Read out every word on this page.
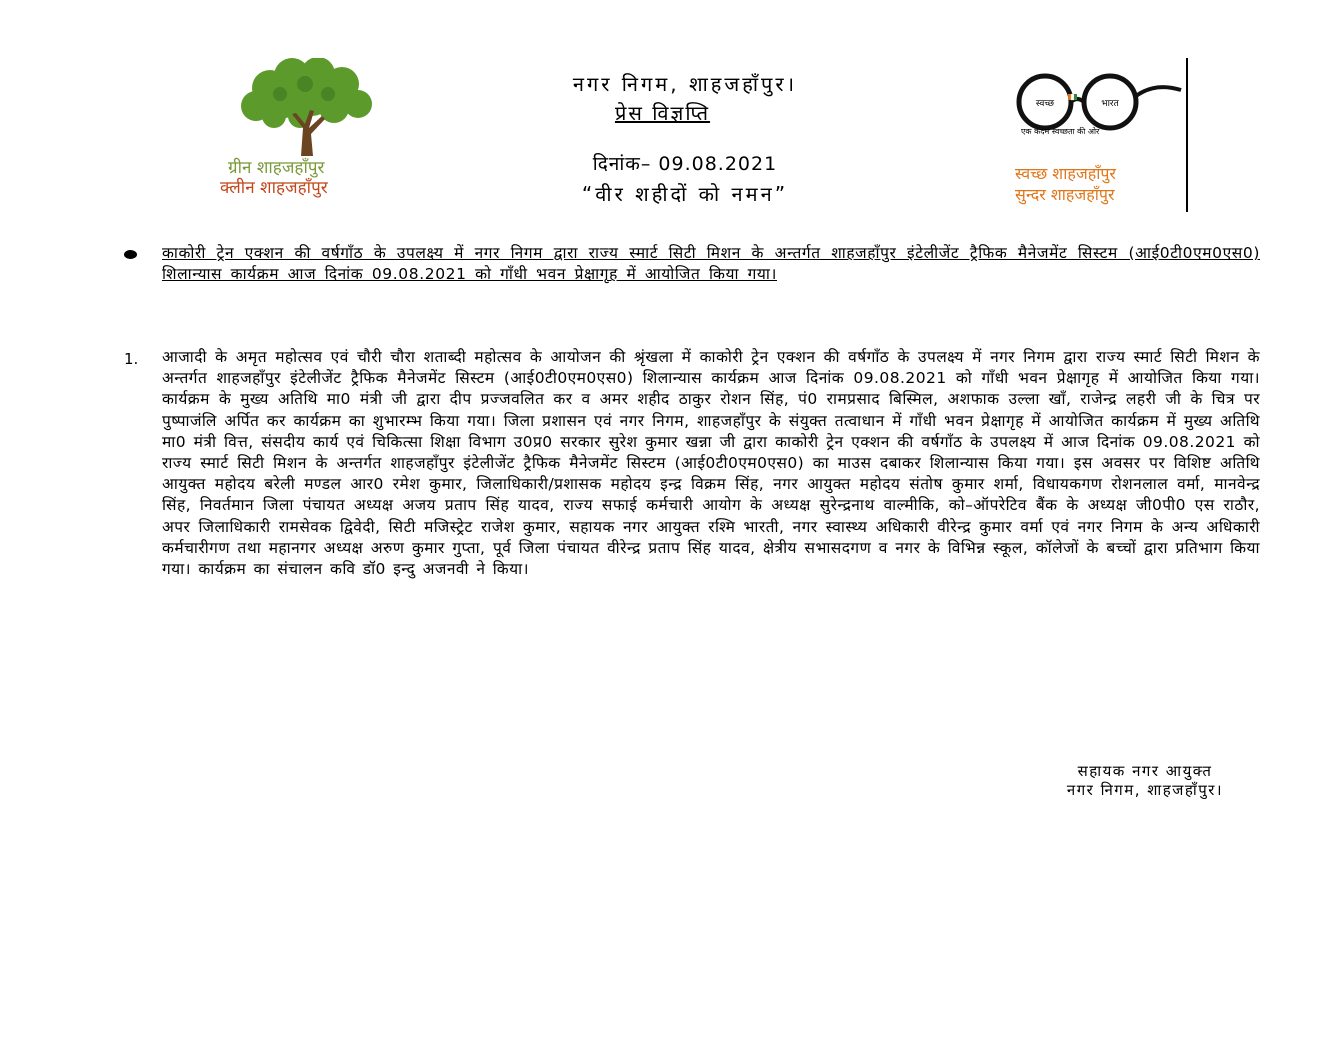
ग्रीन शाहजहाँपुर
क्लीन शाहजहाँपुर
नगर निगम, शाहजहाँपुर।
प्रेस विज्ञप्ति
दिनांक– 09.08.2021
“वीर शहीदों को नमन”
स्वच्छ	भारत
एक कदम स्वच्छता की ओर
स्वच्छ शाहजहाँपुर
सुन्दर शाहजहाँपुर
काकोरी ट्रेन एक्शन की वर्षगाँठ के उपलक्ष्य में नगर निगम द्वारा राज्य स्मार्ट सिटी मिशन के अन्तर्गत शाहजहाँपुर इंटेलीजेंट ट्रैफिक मैनेजमेंट सिस्टम (आई0टी0एम0एस0) शिलान्यास कार्यक्रम आज दिनांक 09.08.2021 को गाँधी भवन प्रेक्षागृह में आयोजित किया गया।
1. आजादी के अमृत महोत्सव एवं चौरी चौरा शताब्दी महोत्सव के आयोजन की श्रृंखला में काकोरी ट्रेन एक्शन की वर्षगाँठ के उपलक्ष्य में नगर निगम द्वारा राज्य स्मार्ट सिटी मिशन के अन्तर्गत शाहजहाँपुर इंटेलीजेंट ट्रैफिक मैनेजमेंट सिस्टम (आई0टी0एम0एस0) शिलान्यास कार्यक्रम आज दिनांक 09.08.2021 को गाँधी भवन प्रेक्षागृह में आयोजित किया गया। कार्यक्रम के मुख्य अतिथि मा0 मंत्री जी द्वारा दीप प्रज्जवलित कर व अमर शहीद ठाकुर रोशन सिंह, पं0 रामप्रसाद बिस्मिल, अशफाक उल्ला खाँ, राजेन्द्र लहरी जी के चित्र पर पुष्पाजंलि अर्पित कर कार्यक्रम का शुभारम्भ किया गया। जिला प्रशासन एवं नगर निगम, शाहजहाँपुर के संयुक्त तत्वाधान में गाँधी भवन प्रेक्षागृह में आयोजित कार्यक्रम में मुख्य अतिथि मा0 मंत्री वित्त, संसदीय कार्य एवं चिकित्सा शिक्षा विभाग उ0प्र0 सरकार सुरेश कुमार खन्ना जी द्वारा काकोरी ट्रेन एक्शन की वर्षगाँठ के उपलक्ष्य में आज दिनांक 09.08.2021 को राज्य स्मार्ट सिटी मिशन के अन्तर्गत शाहजहाँपुर इंटेलीजेंट ट्रैफिक मैनेजमेंट सिस्टम (आई0टी0एम0एस0) का माउस दबाकर शिलान्यास किया गया। इस अवसर पर विशिष्ट अतिथि आयुक्त महोदय बरेली मण्डल आर0 रमेश कुमार, जिलाधिकारी/प्रशासक महोदय इन्द्र विक्रम सिंह, नगर आयुक्त महोदय संतोष कुमार शर्मा, विधायकगण रोशनलाल वर्मा, मानवेन्द्र सिंह, निवर्तमान जिला पंचायत अध्यक्ष अजय प्रताप सिंह यादव, राज्य सफाई कर्मचारी आयोग के अध्यक्ष सुरेन्द्रनाथ वाल्मीकि, को–ऑपरेटिव बैंक के अध्यक्ष जी0पी0 एस राठौर, अपर जिलाधिकारी रामसेवक द्विवेदी, सिटी मजिस्ट्रेट राजेश कुमार, सहायक नगर आयुक्त रश्मि भारती, नगर स्वास्थ्य अधिकारी वीरेन्द्र कुमार वर्मा एवं नगर निगम के अन्य अधिकारी कर्मचारीगण तथा महानगर अध्यक्ष अरुण कुमार गुप्ता, पूर्व जिला पंचायत वीरेन्द्र प्रताप सिंह यादव, क्षेत्रीय सभासदगण व नगर के विभिन्न स्कूल, कॉलेजों के बच्चों द्वारा प्रतिभाग किया गया। कार्यक्रम का संचालन कवि डॉ0 इन्दु अजनवी ने किया।
सहायक नगर आयुक्त
नगर निगम, शाहजहाँपुर।
